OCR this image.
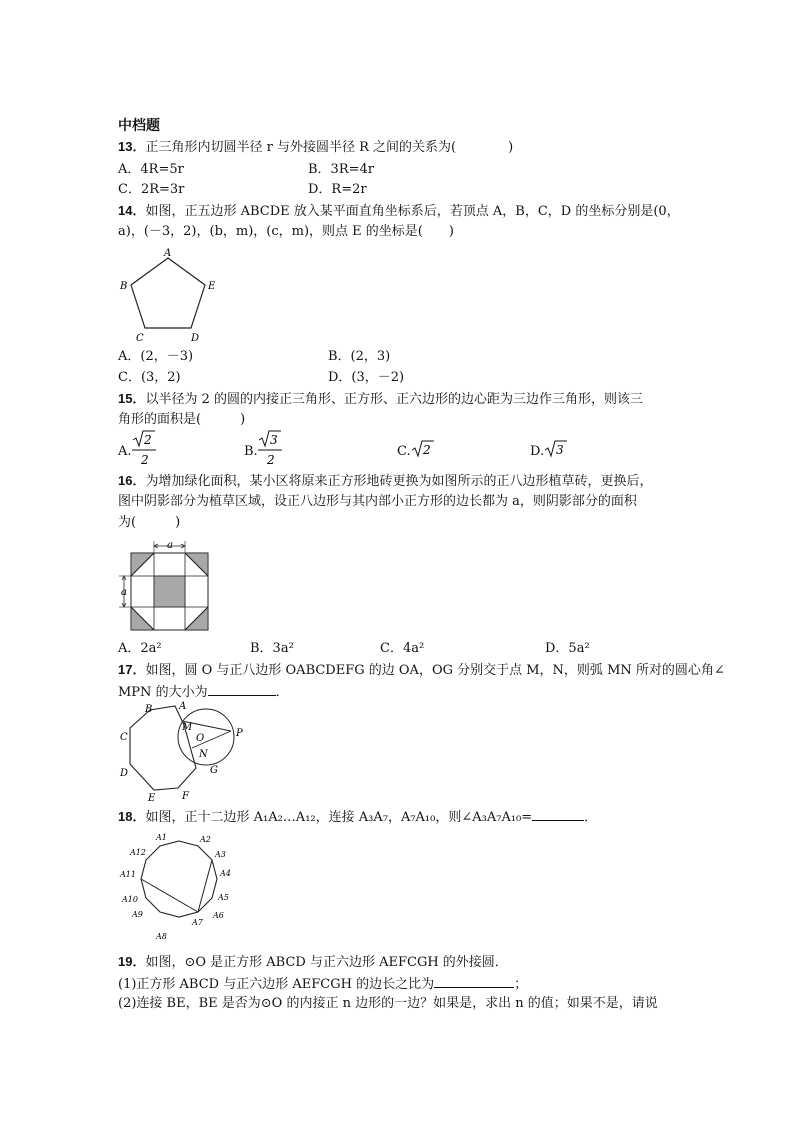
中档题
13．正三角形内切圆半径 r 与外接圆半径 R 之间的关系为(　　　　)
A．4R=5r	B．3R=4r
C．2R=3r	D．R=2r
14．如图，正五边形 ABCDE 放入某平面直角坐标系后，若顶点 A，B，C，D 的坐标分别是(0，
a)，(－3，2)，(b，m)，(c，m)，则点 E 的坐标是(　　)
A
B
C	D
E
A．(2，－3)	B．(2，3)
C．(3，2)	D．(3，－2)
15．以半径为 2 的圆的内接正三角形、正方形、正六边形的边心距为三边作三角形，则该三
角形的面积是(　　　)
A.
2
2
B.
3
2
C. 2	D. 3
16．为增加绿化面积，某小区将原来正方形地砖更换为如图所示的正八边形植草砖，更换后，
图中阴影部分为植草区域，设正八边形与其内部小正方形的边长都为 a，则阴影部分的面积
为(　　　)
a
a
A．2a²	B．3a²	C．4a²	D．5a²
17．如图，圆 O 与正八边形 OABCDEFG 的边 OA，OG 分别交于点 M，N，则弧 MN 所对的圆心角∠
MPN 的大小为	．
A
B
C
D
E	F
G
M
O
N
P
18．如图，正十二边形 A₁A₂…A₁₂，连接 A₃A₇，A₇A₁₀，则∠A₃A₇A₁₀=	．
A1	A2
A3
A4
A5
A6
A7
A8
A9
A10
A11
A12
19．如图，⊙O 是正方形 ABCD 与正六边形 AEFCGH 的外接圆．
(1)正方形 ABCD 与正六边形 AEFCGH 的边长之比为	；
(2)连接 BE，BE 是否为⊙O 的内接正 n 边形的一边？如果是，求出 n 的值；如果不是，请说
